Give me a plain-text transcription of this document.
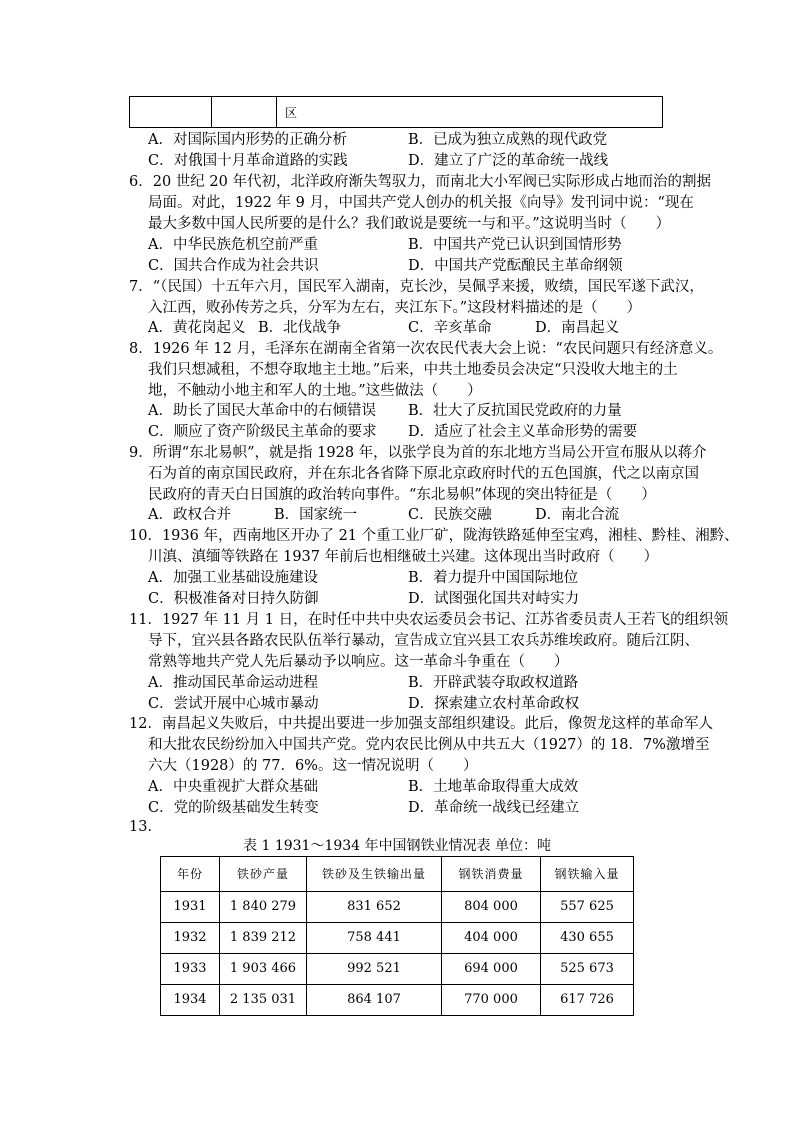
		区
A．对国际国内形势的正确分析	B．已成为独立成熟的现代政党
C．对俄国十月革命道路的实践	D．建立了广泛的革命统一战线
6．20 世纪 20 年代初，北洋政府渐失驾驭力，而南北大小军阀已实际形成占地而治的割据
局面。对此，1922 年 9 月，中国共产党人创办的机关报《向导》发刊词中说：“现在
最大多数中国人民所要的是什么？我们敢说是要统一与和平。”这说明当时（　　）
A．中华民族危机空前严重	B．中国共产党已认识到国情形势
C．国共合作成为社会共识	D．中国共产党酝酿民主革命纲领
7．“（民国）十五年六月，国民军入湖南，克长沙，吴佩孚来援，败绩，国民军遂下武汉，
入江西，败孙传芳之兵，分军为左右，夹江东下。”这段材料描述的是（　　）
A．黄花岗起义 B．北伐战争	C．辛亥革命	D．南昌起义
8．1926 年 12 月，毛泽东在湖南全省第一次农民代表大会上说：“农民问题只有经济意义。
我们只想减租，不想夺取地主土地。”后来，中共土地委员会决定“只没收大地主的土
地，不触动小地主和军人的土地。”这些做法（　　）
A．助长了国民大革命中的右倾错误 B．壮大了反抗国民党政府的力量
C．顺应了资产阶级民主革命的要求 D．适应了社会主义革命形势的需要
9．所谓“东北易帜”，就是指 1928 年，以张学良为首的东北地方当局公开宣布服从以蒋介
石为首的南京国民政府，并在东北各省降下原北京政府时代的五色国旗，代之以南京国
民政府的青天白日国旗的政治转向事件。“东北易帜”体现的突出特征是（　　）
A．政权合并	B．国家统一	C．民族交融	D．南北合流
10．1936 年，西南地区开办了 21 个重工业厂矿，陇海铁路延伸至宝鸡，湘桂、黔桂、湘黔、
川滇、滇缅等铁路在 1937 年前后也相继破土兴建。这体现出当时政府（　　）
A．加强工业基础设施建设	B．着力提升中国国际地位
C．积极准备对日持久防御	D．试图强化国共对峙实力
11．1927 年 11 月 1 日，在时任中共中央农运委员会书记、江苏省委员责人王若飞的组织领
导下，宜兴县各路农民队伍举行暴动，宣告成立宜兴县工农兵苏维埃政府。随后江阴、
常熟等地共产党人先后暴动予以响应。这一革命斗争重在（　　）
A．推动国民革命运动进程	B．开辟武装夺取政权道路
C．尝试开展中心城市暴动	D．探索建立农村革命政权
12．南昌起义失败后，中共提出要进一步加强支部组织建设。此后，像贺龙这样的革命军人
和大批农民纷纷加入中国共产党。党内农民比例从中共五大（1927）的 18．7%激增至
六大（1928）的 77．6%。这一情况说明（　　）
A．中央重视扩大群众基础	B．土地革命取得重大成效
C．党的阶级基础发生转变	D．革命统一战线已经建立
13．
表 1 1931～1934 年中国钢铁业情况表 单位：吨
年份	铁砂产量	铁砂及生铁输出量	钢铁消费量	钢铁输入量
1931	1 840 279	831 652	804 000	557 625
1932	1 839 212	758 441	404 000	430 655
1933	1 903 466	992 521	694 000	525 673
1934	2 135 031	864 107	770 000	617 726
